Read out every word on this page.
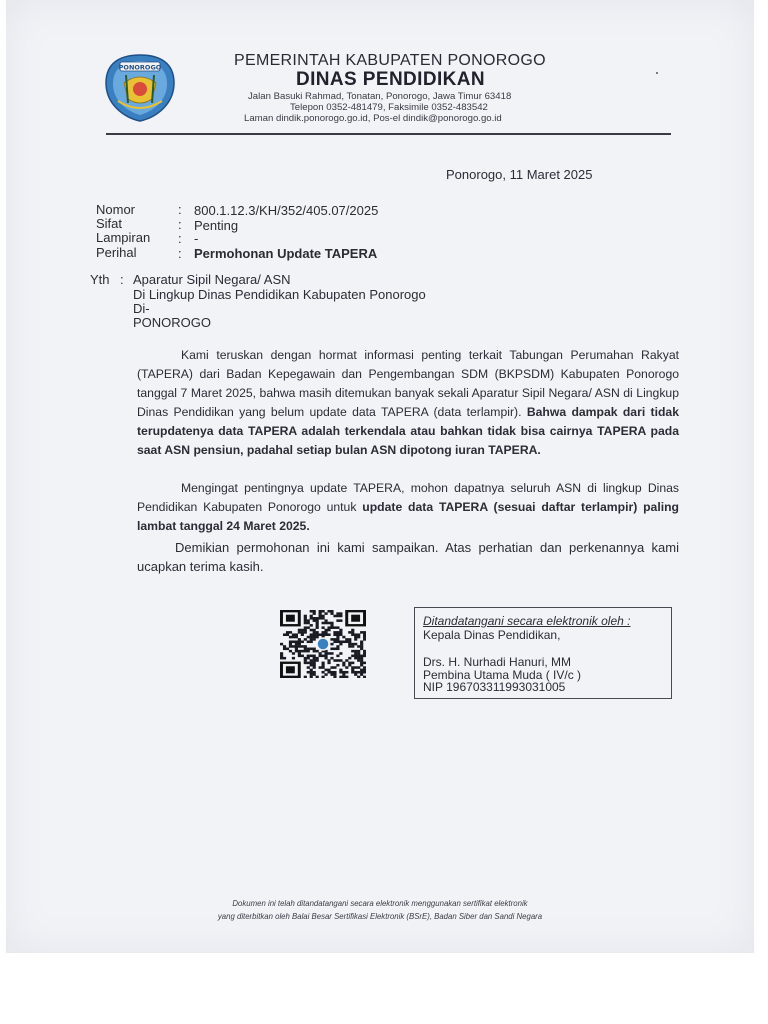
PONOROGO	PEMERINTAH KABUPATEN PONOROGO
DINAS PENDIDIKAN
Jalan Basuki Rahmad, Tonatan, Ponorogo, Jawa Timur 63418
Telepon 0352-481479, Faksimile 0352-483542
Laman dindik.ponorogo.go.id, Pos-el dindik@ponorogo.go.id
Ponorogo, 11 Maret 2025
Nomor	: 800.1.12.3/KH/352/405.07/2025
Sifat	: Penting
Lampiran : -
Perihal	: Permohonan Update TAPERA
Yth : Aparatur Sipil Negara/ ASN
Di Lingkup Dinas Pendidikan Kabupaten Ponorogo
Di-
PONOROGO
Kami teruskan dengan hormat informasi penting terkait Tabungan Perumahan Rakyat (TAPERA) dari Badan Kepegawain dan Pengembangan SDM (BKPSDM) Kabupaten Ponorogo tanggal 7 Maret 2025, bahwa masih ditemukan banyak sekali Aparatur Sipil Negara/ ASN di Lingkup Dinas Pendidikan yang belum update data TAPERA (data terlampir). Bahwa dampak dari tidak terupdatenya data TAPERA adalah terkendala atau bahkan tidak bisa cairnya TAPERA pada saat ASN pensiun, padahal setiap bulan ASN dipotong iuran TAPERA.
Mengingat pentingnya update TAPERA, mohon dapatnya seluruh ASN di lingkup Dinas Pendidikan Kabupaten Ponorogo untuk update data TAPERA (sesuai daftar terlampir) paling lambat tanggal 24 Maret 2025.
Demikian permohonan ini kami sampaikan. Atas perhatian dan perkenannya kami ucapkan terima kasih.
Ditandatangani secara elektronik oleh :
Kepala Dinas Pendidikan,
Drs. H. Nurhadi Hanuri, MM
Pembina Utama Muda ( IV/c )
NIP 196703311993031005
Dokumen ini telah ditandatangani secara elektronik menggunakan sertifikat elektronik
yang diterbitkan oleh Balai Besar Sertifikasi Elektronik (BSrE), Badan Siber dan Sandi Negara
